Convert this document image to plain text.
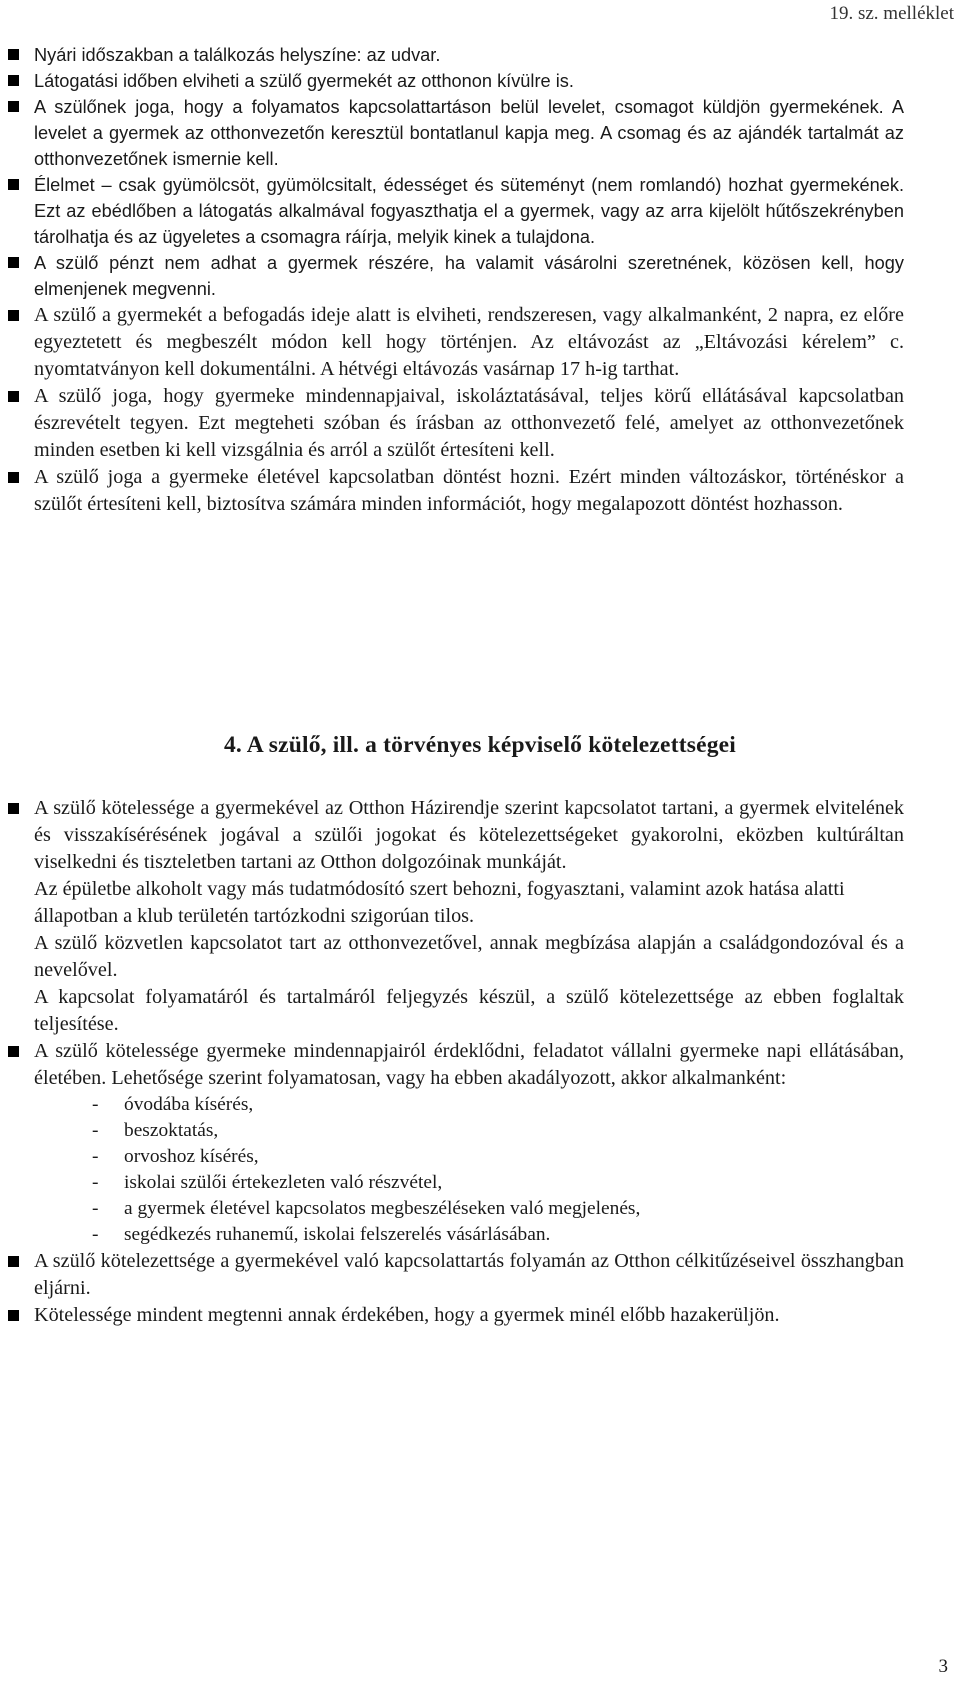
19. sz. melléklet
Nyári időszakban a találkozás helyszíne: az udvar.
Látogatási időben elviheti a szülő gyermekét az otthonon kívülre is.
A szülőnek joga, hogy a folyamatos kapcsolattartáson belül levelet, csomagot küldjön gyermekének. A levelet a gyermek az otthonvezetőn keresztül bontatlanul kapja meg. A csomag és az ajándék tartalmát az otthonvezetőnek ismernie kell.
Élelmet – csak gyümölcsöt, gyümölcsitalt, édességet és süteményt (nem romlandó) hozhat gyermekének. Ezt az ebédlőben a látogatás alkalmával fogyaszthatja el a gyermek, vagy az arra kijelölt hűtőszekrényben tárolhatja és az ügyeletes a csomagra ráírja, melyik kinek a tulajdona.
A szülő pénzt nem adhat a gyermek részére, ha valamit vásárolni szeretnének, közösen kell, hogy elmenjenek megvenni.
A szülő a gyermekét a befogadás ideje alatt is elviheti, rendszeresen, vagy alkalmanként, 2 napra, ez előre egyeztetett és megbeszélt módon kell hogy történjen. Az eltávozást az „Eltávozási kérelem” c. nyomtatványon kell dokumentálni. A hétvégi eltávozás vasárnap 17 h-ig tarthat.
A szülő joga, hogy gyermeke mindennapjaival, iskoláztatásával, teljes körű ellátásával kapcsolatban észrevételt tegyen. Ezt megteheti szóban és írásban az otthonvezető felé, amelyet az otthonvezetőnek minden esetben ki kell vizsgálnia és arról a szülőt értesíteni kell.
A szülő joga a gyermeke életével kapcsolatban döntést hozni. Ezért minden változáskor, történéskor a szülőt értesíteni kell, biztosítva számára minden információt, hogy megalapozott döntést hozhasson.
4. A szülő, ill. a törvényes képviselő kötelezettségei

A szülő kötelessége a gyermekével az Otthon Házirendje szerint kapcsolatot tartani, a gyermek elvitelének és visszakísérésének jogával a szülői jogokat és kötelezettségeket gyakorolni, eközben kultúráltan viselkedni és tiszteletben tartani az Otthon dolgozóinak munkáját.

Az épületbe alkoholt vagy más tudatmódosító szert behozni, fogyasztani, valamint azok hatása alatti állapotban a klub területén tartózkodni szigorúan tilos.

A szülő közvetlen kapcsolatot tart az otthonvezetővel, annak megbízása alapján a családgondozóval és a nevelővel.

A kapcsolat folyamatáról és tartalmáról feljegyzés készül, a szülő kötelezettsége az ebben foglaltak teljesítése.

A szülő kötelessége gyermeke mindennapjairól érdeklődni, feladatot vállalni gyermeke napi ellátásában, életében. Lehetősége szerint folyamatosan, vagy ha ebben akadályozott, akkor alkalmanként:

- óvodába kísérés,
- beszoktatás,
- orvoshoz kísérés,
- iskolai szülői értekezleten való részvétel,
- a gyermek életével kapcsolatos megbeszéléseken való megjelenés,
- segédkezés ruhanemű, iskolai felszerelés vásárlásában.

A szülő kötelezettsége a gyermekével való kapcsolattartás folyamán az Otthon célkitűzéseivel összhangban eljárni.

Kötelessége mindent megtenni annak érdekében, hogy a gyermek minél előbb hazakerüljön.

3
